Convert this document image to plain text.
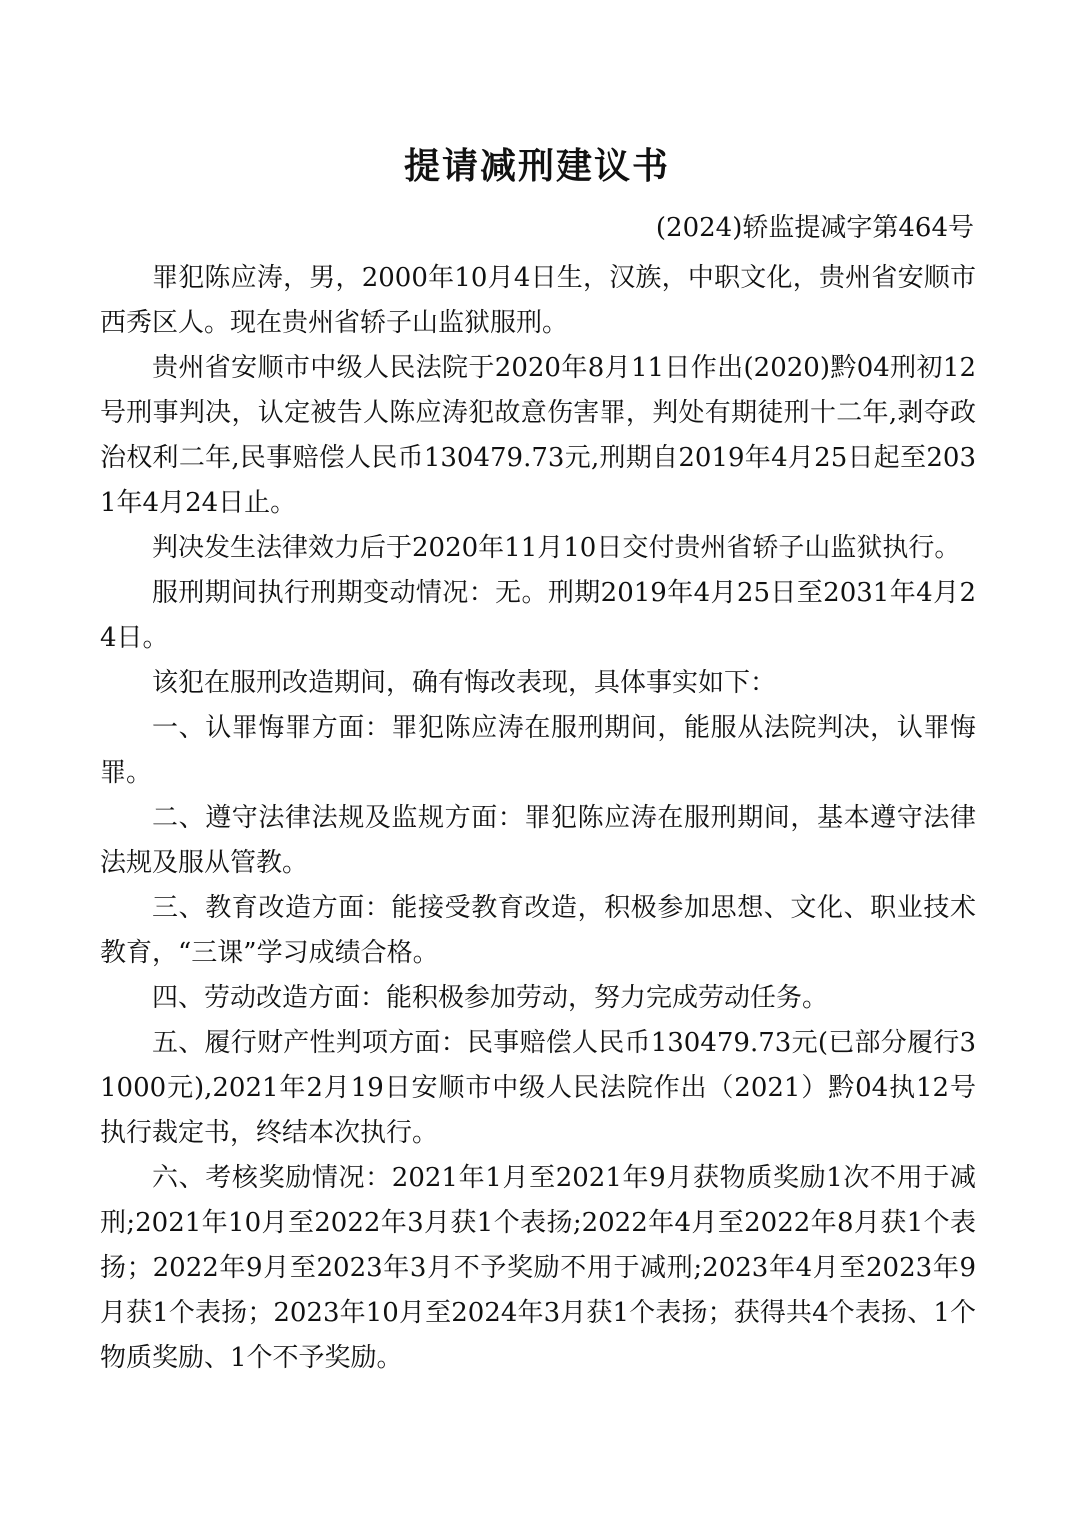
提请减刑建议书

(2024)轿监提减字第464号

罪犯陈应涛，男，2000年10月4日生，汉族，中职文化，贵州省安顺市西秀区人。现在贵州省轿子山监狱服刑。

贵州省安顺市中级人民法院于2020年8月11日作出(2020)黔04刑初12号刑事判决，认定被告人陈应涛犯故意伤害罪，判处有期徒刑十二年,剥夺政治权利二年,民事赔偿人民币130479.73元,刑期自2019年4月25日起至2031年4月24日止。

判决发生法律效力后于2020年11月10日交付贵州省轿子山监狱执行。

服刑期间执行刑期变动情况：无。刑期2019年4月25日至2031年4月24日。

该犯在服刑改造期间，确有悔改表现，具体事实如下：

一、认罪悔罪方面：罪犯陈应涛在服刑期间，能服从法院判决，认罪悔罪。

二、遵守法律法规及监规方面：罪犯陈应涛在服刑期间，基本遵守法律法规及服从管教。

三、教育改造方面：能接受教育改造，积极参加思想、文化、职业技术教育，“三课”学习成绩合格。

四、劳动改造方面：能积极参加劳动，努力完成劳动任务。

五、履行财产性判项方面：民事赔偿人民币130479.73元(已部分履行31000元),2021年2月19日安顺市中级人民法院作出（2021）黔04执12号执行裁定书，终结本次执行。

六、考核奖励情况：2021年1月至2021年9月获物质奖励1次不用于减刑;2021年10月至2022年3月获1个表扬;2022年4月至2022年8月获1个表扬；2022年9月至2023年3月不予奖励不用于减刑;2023年4月至2023年9月获1个表扬；2023年10月至2024年3月获1个表扬；获得共4个表扬、1个物质奖励、1个不予奖励。
